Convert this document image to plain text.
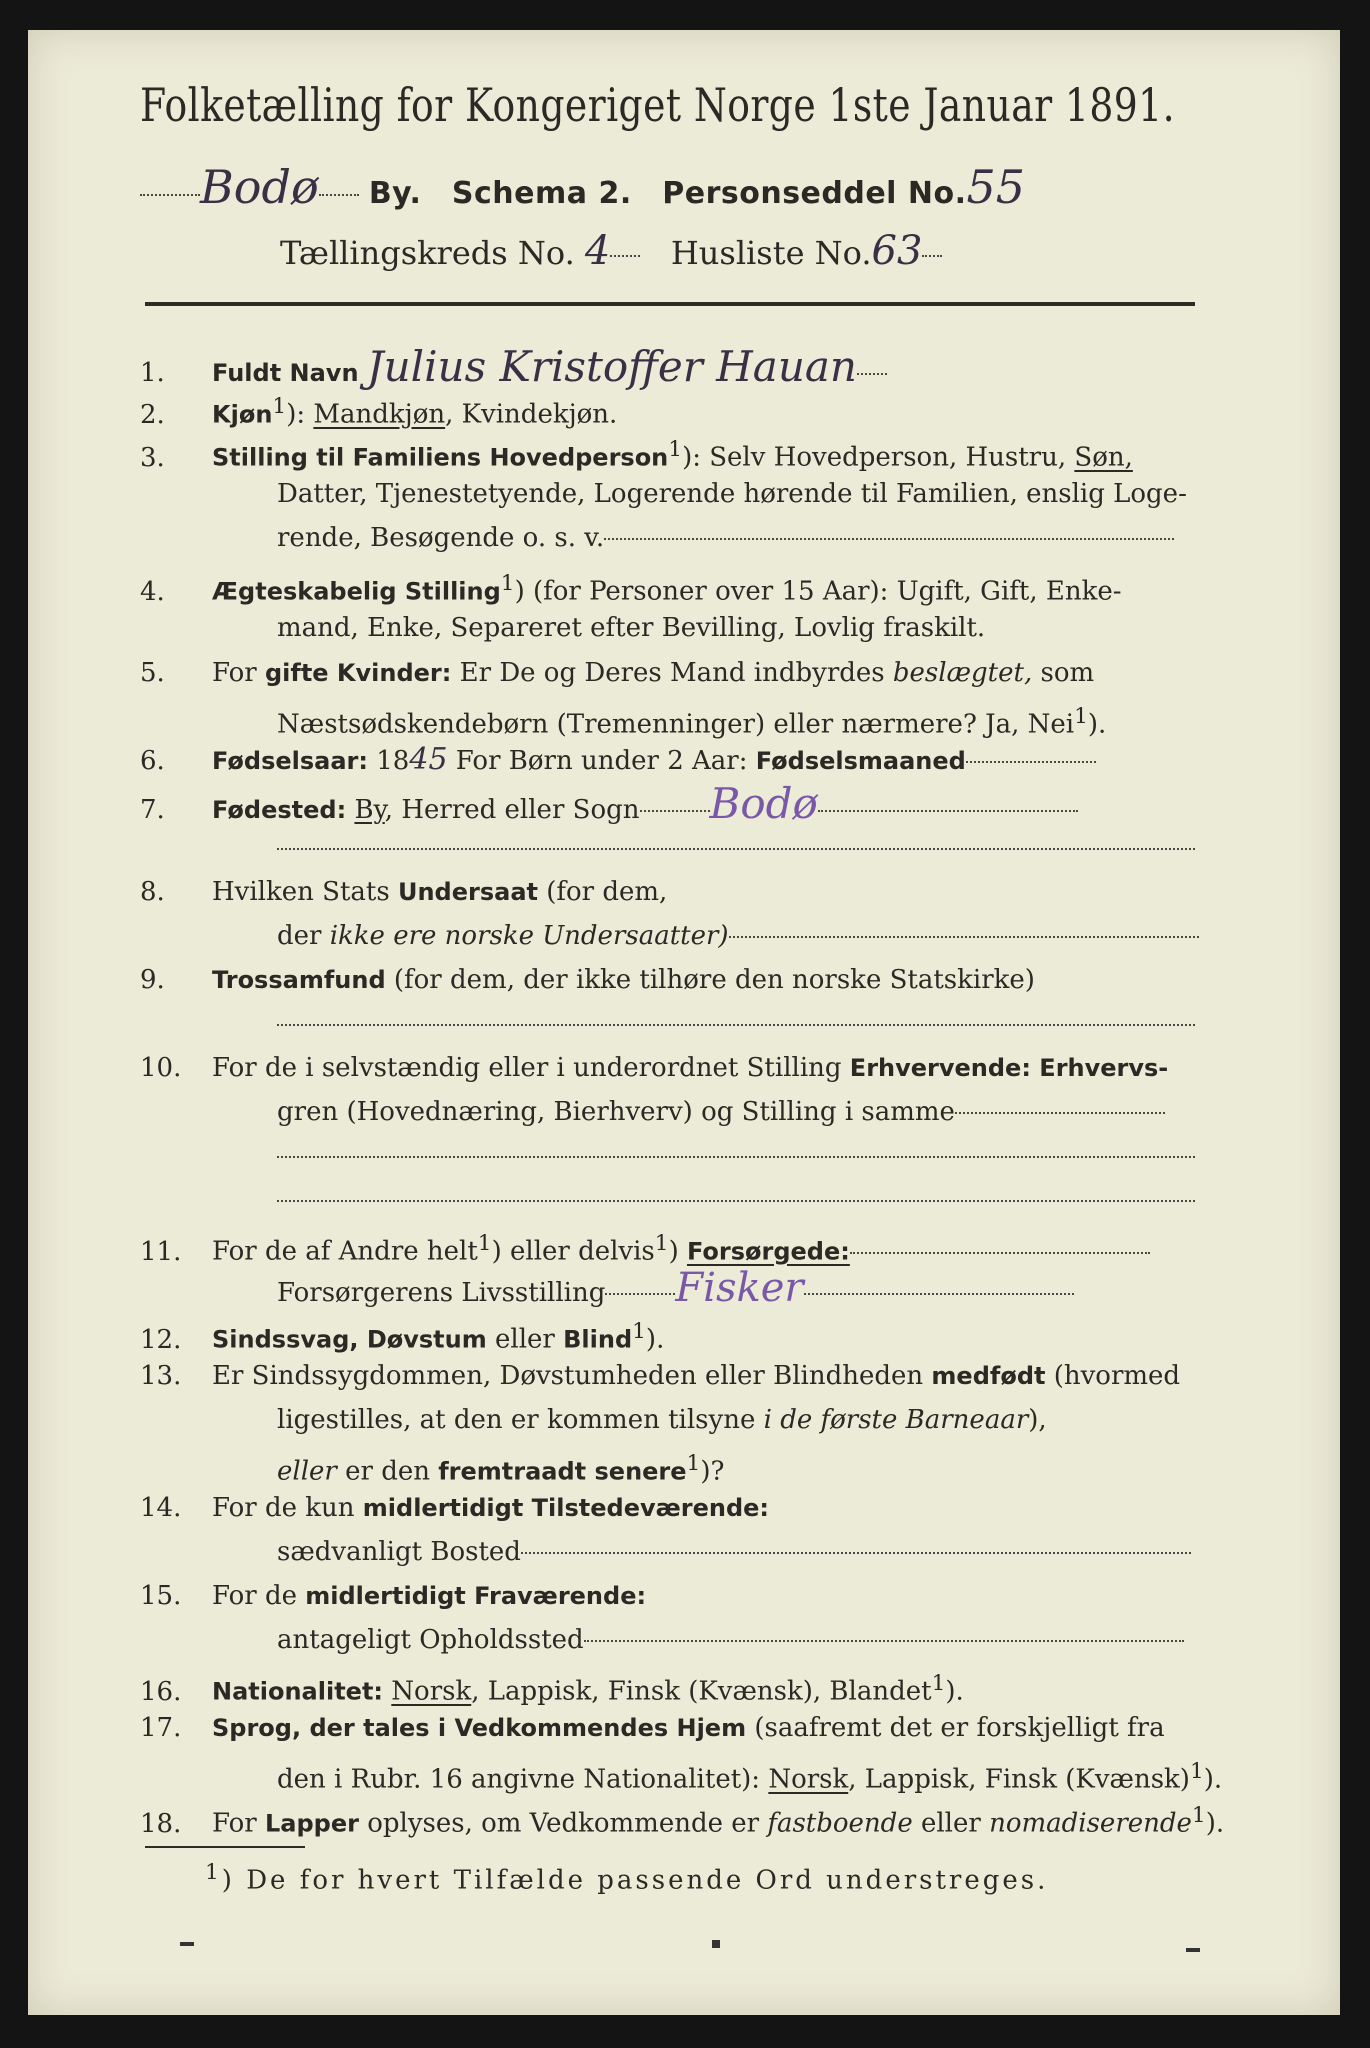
Folketælling for Kongeriget Norge 1ste Januar 1891.
Bodø By. Schema 2. Personseddel No.55
Tællingskreds No. 4 Husliste No.63
1. Fuldt Navn Julius Kristoffer Hauan
2. Kjøn$^1$): Mandkjøn, Kvindekjøn.
3. Stilling til Familiens Hovedperson$^1$): Selv Hovedperson, Hustru, Søn,
Datter, Tjenestetyende, Logerende hørende til Familien, enslig Loge-
rende, Besøgende o. s. v.
4. Ægteskabelig Stilling$^1$) (for Personer over 15 Aar): Ugift, Gift, Enke-
mand, Enke, Separeret efter Bevilling, Lovlig fraskilt.
5. For gifte Kvinder: Er De og Deres Mand indbyrdes beslægtet, som
Næstsødskendebørn (Tremenninger) eller nærmere? Ja, Nei$^1$).
6. Fødselsaar: 1845 For Børn under 2 Aar: Fødselsmaaned
7. Fødested: By, Herred eller Sogn Bodø
8. Hvilken Stats Undersaat (for dem,
der ikke ere norske Undersaatter)
9. Trossamfund (for dem, der ikke tilhøre den norske Statskirke)
10. For de i selvstændig eller i underordnet Stilling Erhvervende: Erhvervs-
gren (Hovednæring, Bierhverv) og Stilling i samme
11. For de af Andre helt$^1$) eller delvis$^1$) Forsørgede:
Forsørgerens Livsstilling Fisker
12. Sindssvag, Døvstum eller Blind$^1$).
13. Er Sindssygdommen, Døvstumheden eller Blindheden medfødt (hvormed
ligestilles, at den er kommen tilsyne i de første Barneaar),
eller er den fremtraadt senere$^1$)?
14. For de kun midlertidigt Tilstedeværende:
sædvanligt Bosted
15. For de midlertidigt Fraværende:
antageligt Opholdssted
16. Nationalitet: Norsk, Lappisk, Finsk (Kvænsk), Blandet$^1$).
17. Sprog, der tales i Vedkommendes Hjem (saafremt det er forskjelligt fra
den i Rubr. 16 angivne Nationalitet): Norsk, Lappisk, Finsk (Kvænsk)$^1$).
18. For Lapper oplyses, om Vedkommende er fastboende eller nomadiserende$^1$).
$^1$) De for hvert Tilfælde passende Ord understreges.
